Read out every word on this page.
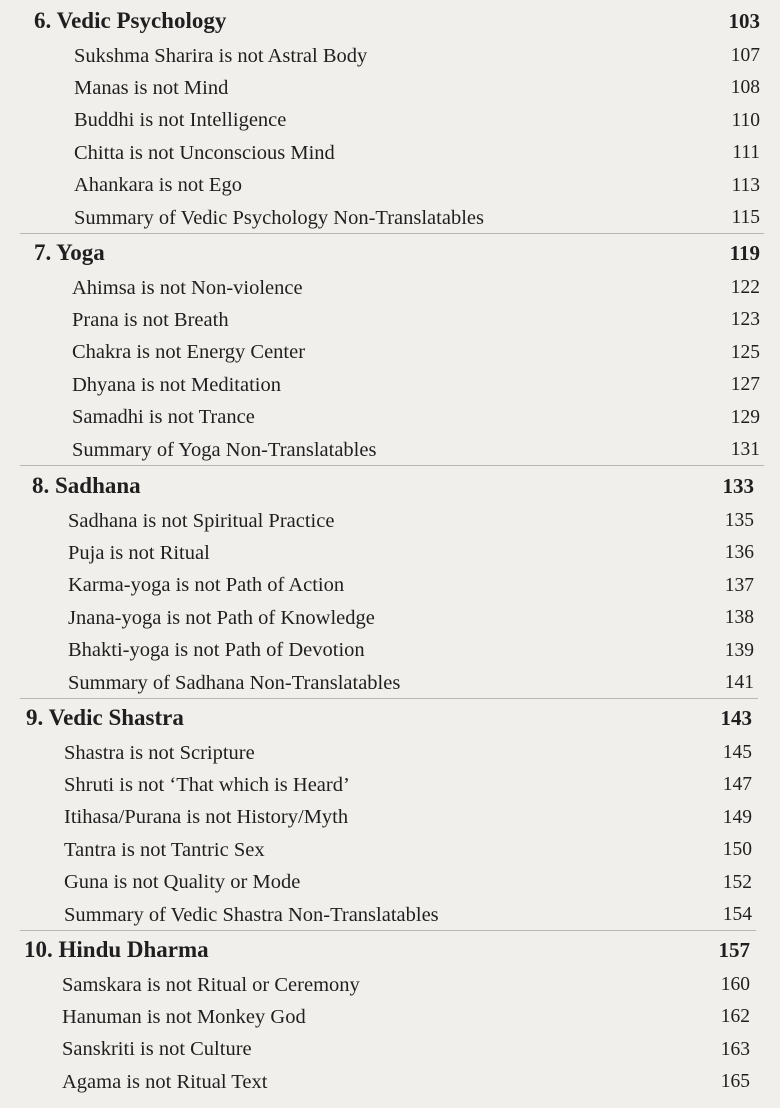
6. Vedic Psychology	103
Sukshma Sharira is not Astral Body	107
Manas is not Mind	108
Buddhi is not Intelligence	110
Chitta is not Unconscious Mind	111
Ahankara is not Ego	113
Summary of Vedic Psychology Non-Translatables	115
7. Yoga	119
Ahimsa is not Non-violence	122
Prana is not Breath	123
Chakra is not Energy Center	125
Dhyana is not Meditation	127
Samadhi is not Trance	129
Summary of Yoga Non-Translatables	131
8. Sadhana	133
Sadhana is not Spiritual Practice	135
Puja is not Ritual	136
Karma-yoga is not Path of Action	137
Jnana-yoga is not Path of Knowledge	138
Bhakti-yoga is not Path of Devotion	139
Summary of Sadhana Non-Translatables	141
9. Vedic Shastra	143
Shastra is not Scripture	145
Shruti is not ‘That which is Heard’	147
Itihasa/Purana is not History/Myth	149
Tantra is not Tantric Sex	150
Guna is not Quality or Mode	152
Summary of Vedic Shastra Non-Translatables	154
10. Hindu Dharma	157
Samskara is not Ritual or Ceremony	160
Hanuman is not Monkey God	162
Sanskriti is not Culture	163
Agama is not Ritual Text	165
